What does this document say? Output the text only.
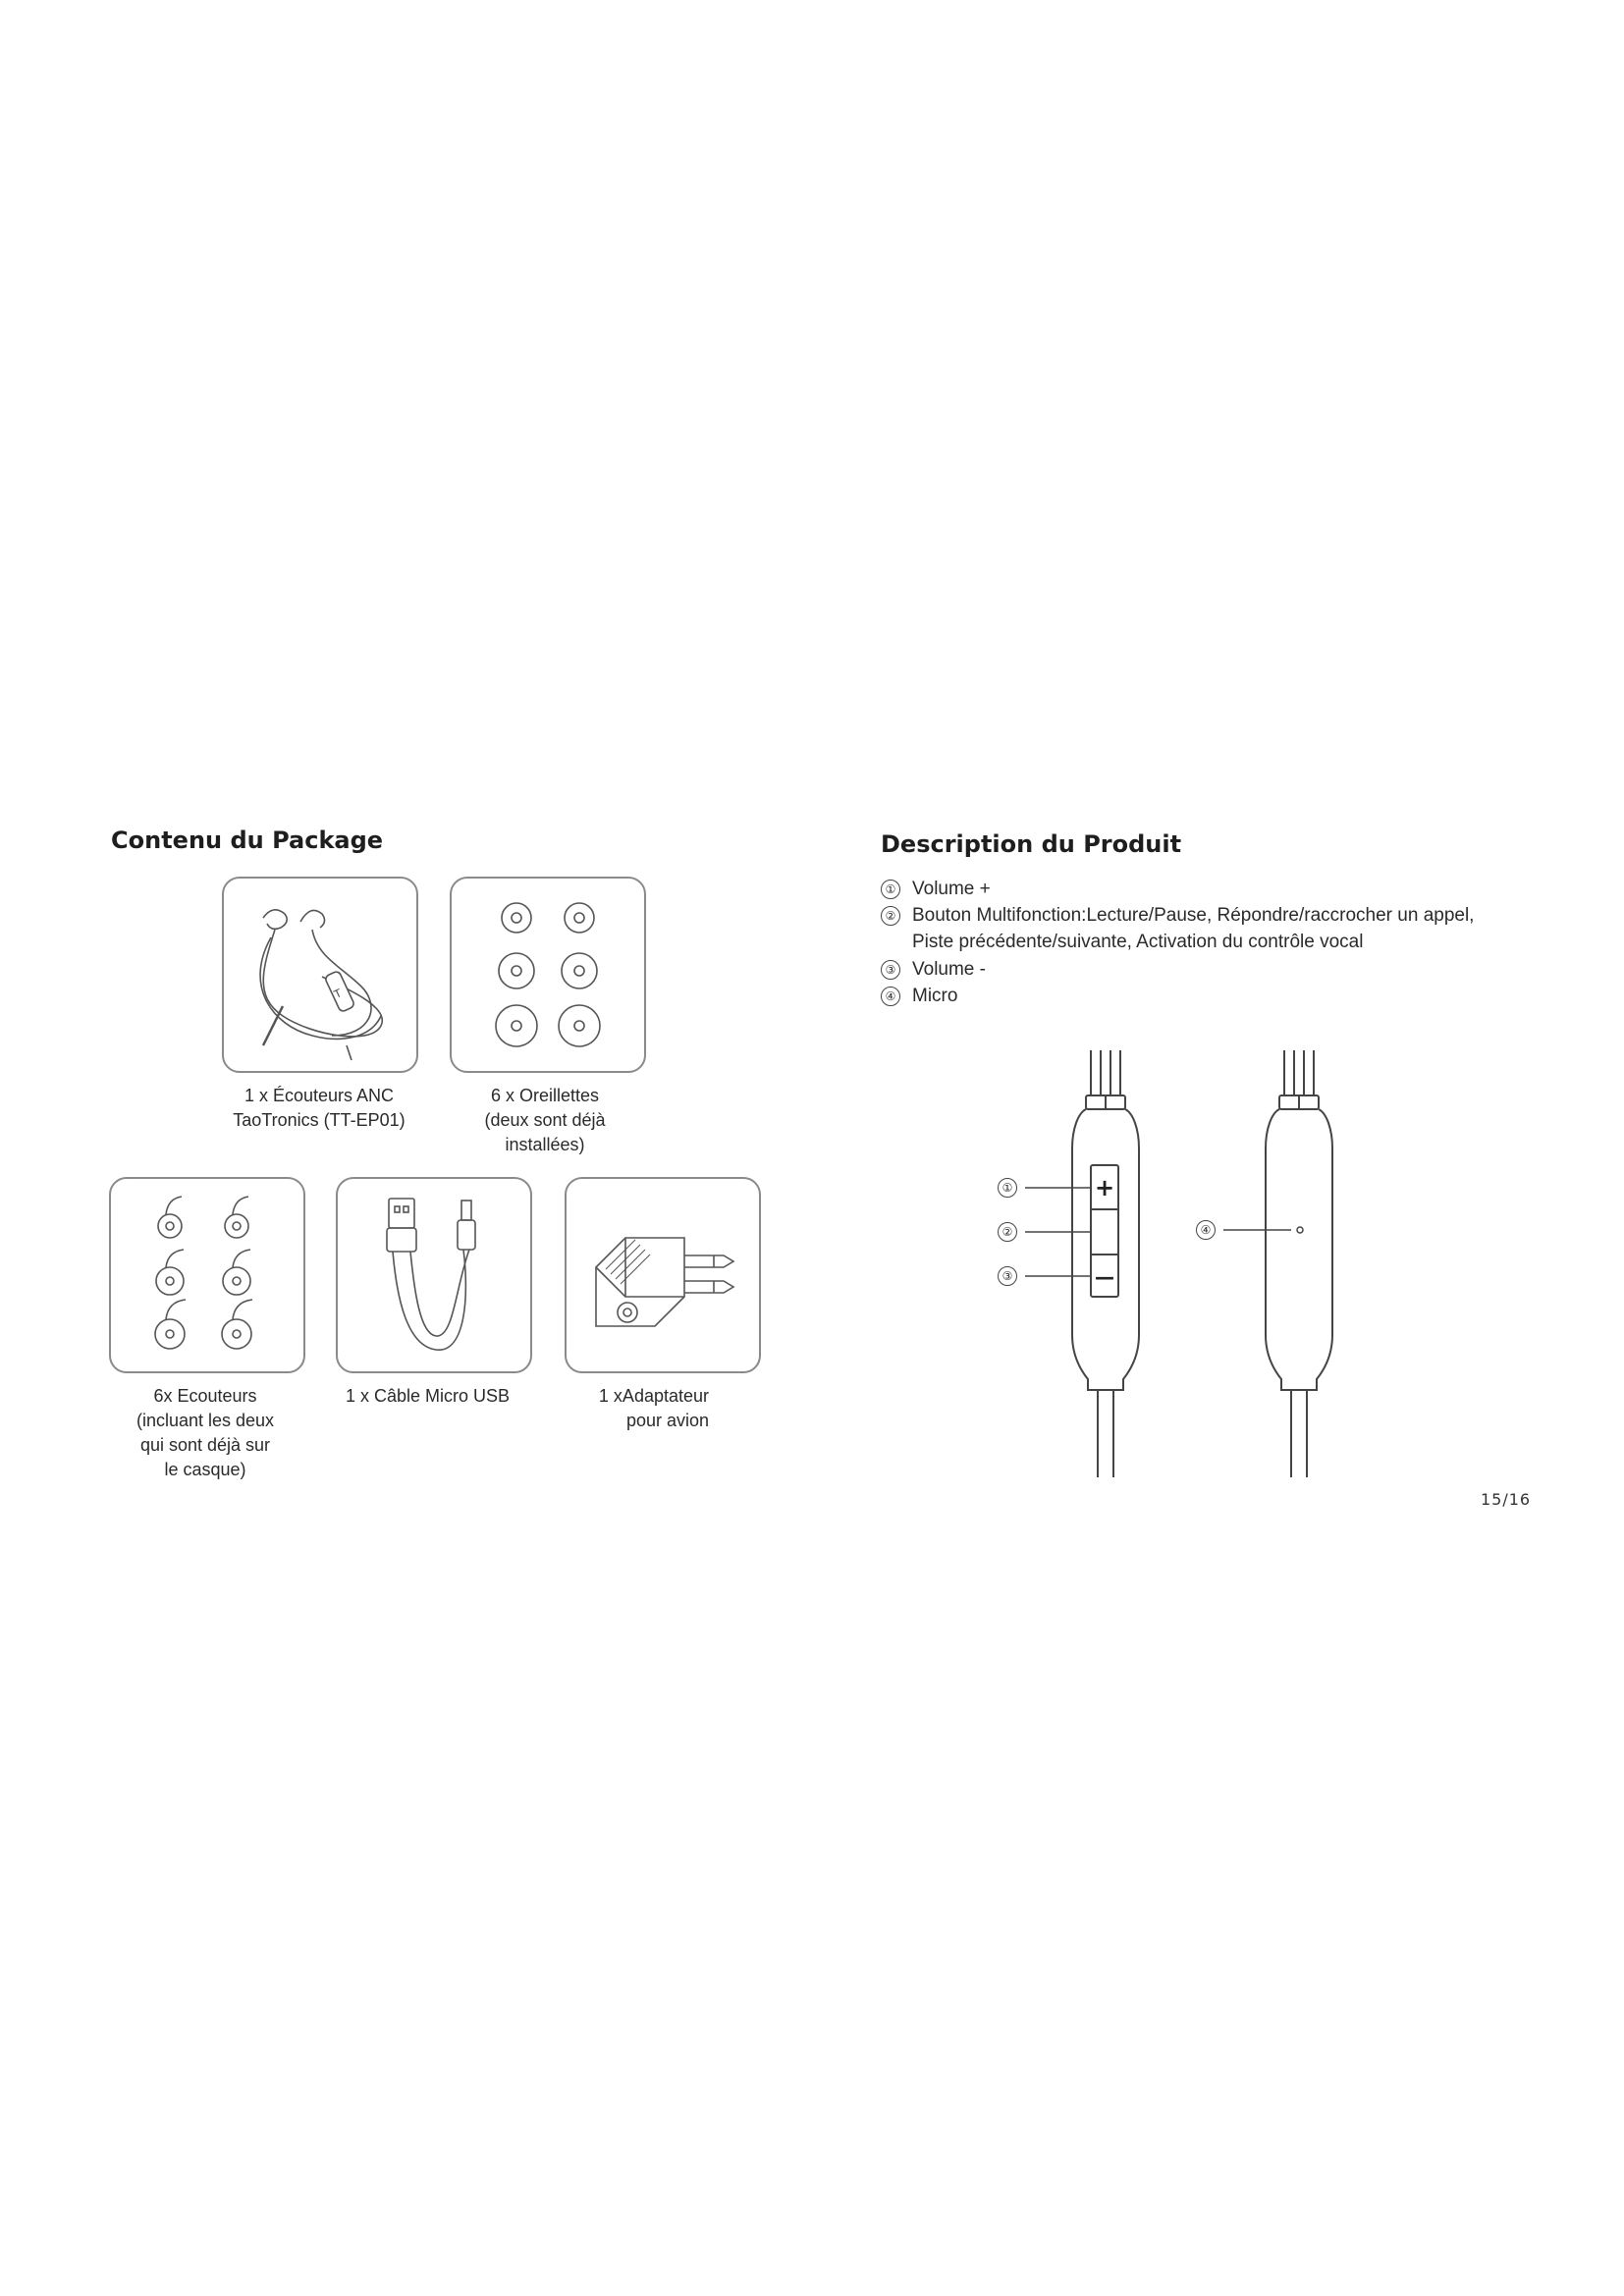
Contenu du Package
T
1 x Écouteurs ANC
TaoTronics (TT-EP01)
6 x Oreillettes
(deux sont déjà
installées)
6x Ecouteurs
(incluant les deux
qui sont déjà sur
le casque)
1 x Câble Micro USB	1 xAdaptateur
pour avion
Description du Produit
① Volume +
② Bouton Multifonction:Lecture/Pause, Répondre/raccrocher un appel,
Piste précédente/suivante, Activation du contrôle vocal
③ Volume -
④ Micro
+
—
①
②
③
④
15/16
